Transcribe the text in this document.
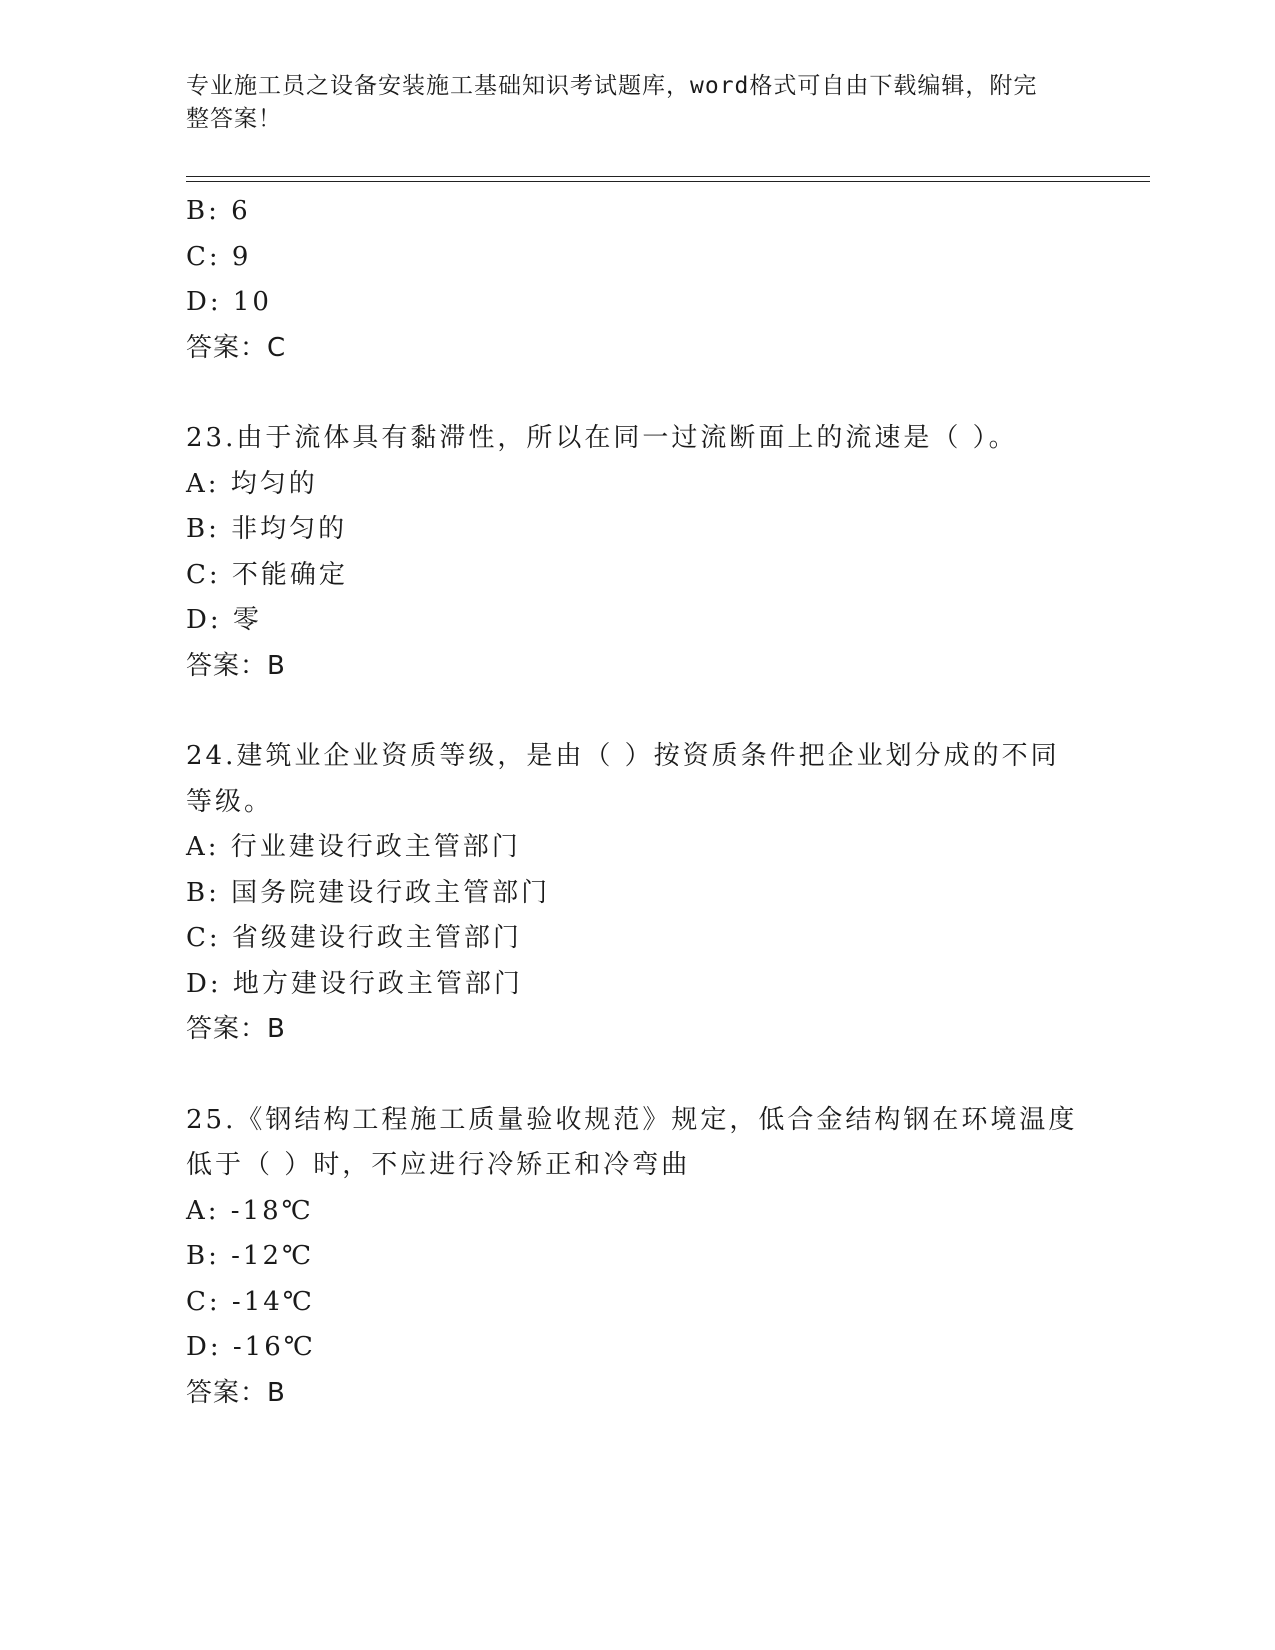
专业施工员之设备安装施工基础知识考试题库，word格式可自由下载编辑，附完
整答案！
B: 6
C: 9
D: 10
答案：C
23.由于流体具有黏滞性，所以在同一过流断面上的流速是（ ）。
A: 均匀的
B: 非均匀的
C: 不能确定
D: 零
答案：B
24.建筑业企业资质等级，是由（ ）按资质条件把企业划分成的不同
等级。
A: 行业建设行政主管部门
B: 国务院建设行政主管部门
C: 省级建设行政主管部门
D: 地方建设行政主管部门
答案：B
25.《钢结构工程施工质量验收规范》规定，低合金结构钢在环境温度
低于（ ）时，不应进行冷矫正和冷弯曲
A: -18℃
B: -12℃
C: -14℃
D: -16℃
答案：B
